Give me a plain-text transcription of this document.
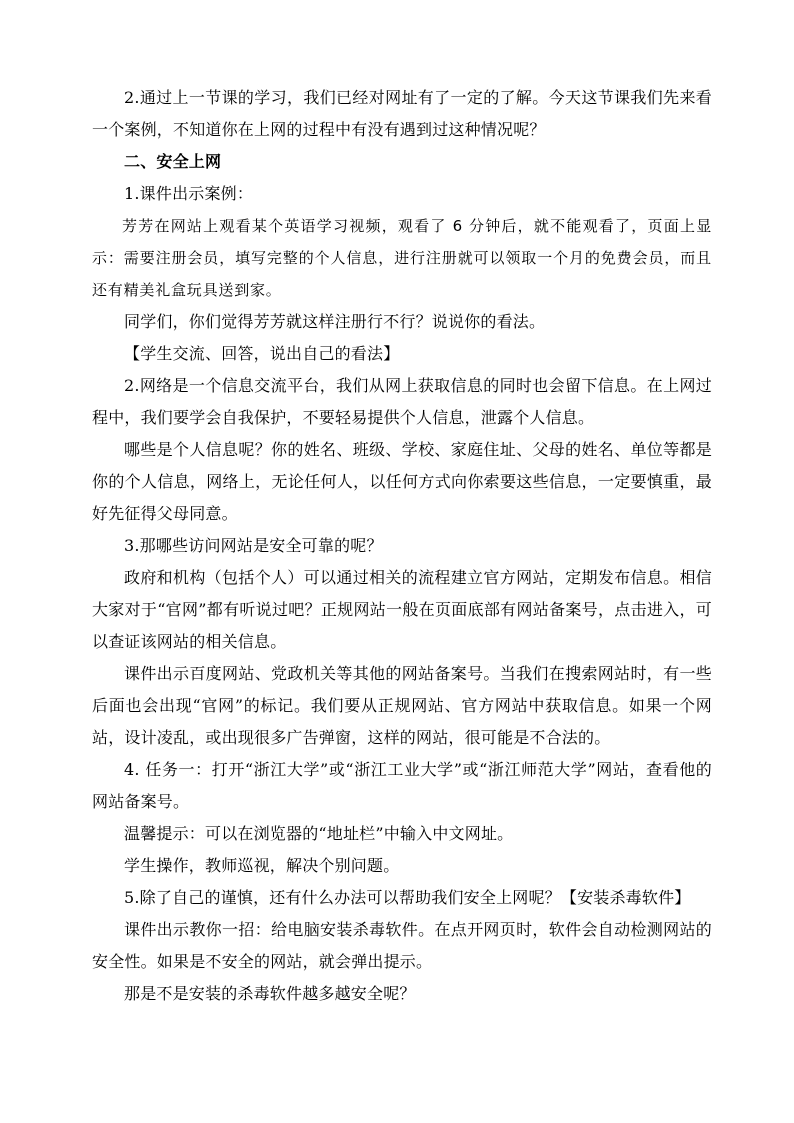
2.通过上一节课的学习，我们已经对网址有了一定的了解。今天这节课我们先来看一个案例，不知道你在上网的过程中有没有遇到过这种情况呢？

二、安全上网

1.课件出示案例：

芳芳在网站上观看某个英语学习视频，观看了 6 分钟后，就不能观看了，页面上显示：需要注册会员，填写完整的个人信息，进行注册就可以领取一个月的免费会员，而且还有精美礼盒玩具送到家。

同学们，你们觉得芳芳就这样注册行不行？说说你的看法。

【学生交流、回答，说出自己的看法】

2.网络是一个信息交流平台，我们从网上获取信息的同时也会留下信息。在上网过程中，我们要学会自我保护，不要轻易提供个人信息，泄露个人信息。

哪些是个人信息呢？你的姓名、班级、学校、家庭住址、父母的姓名、单位等都是你的个人信息，网络上，无论任何人，以任何方式向你索要这些信息，一定要慎重，最好先征得父母同意。

3.那哪些访问网站是安全可靠的呢？

政府和机构（包括个人）可以通过相关的流程建立官方网站，定期发布信息。相信大家对于“官网”都有听说过吧？正规网站一般在页面底部有网站备案号，点击进入，可以查证该网站的相关信息。

课件出示百度网站、党政机关等其他的网站备案号。当我们在搜索网站时，有一些后面也会出现“官网”的标记。我们要从正规网站、官方网站中获取信息。如果一个网站，设计凌乱，或出现很多广告弹窗，这样的网站，很可能是不合法的。

4. 任务一：打开“浙江大学”或“浙江工业大学”或“浙江师范大学”网站，查看他的网站备案号。

温馨提示：可以在浏览器的“地址栏”中输入中文网址。

学生操作，教师巡视，解决个别问题。

5.除了自己的谨慎，还有什么办法可以帮助我们安全上网呢？【安装杀毒软件】

课件出示教你一招：给电脑安装杀毒软件。在点开网页时，软件会自动检测网站的安全性。如果是不安全的网站，就会弹出提示。

那是不是安装的杀毒软件越多越安全呢？
